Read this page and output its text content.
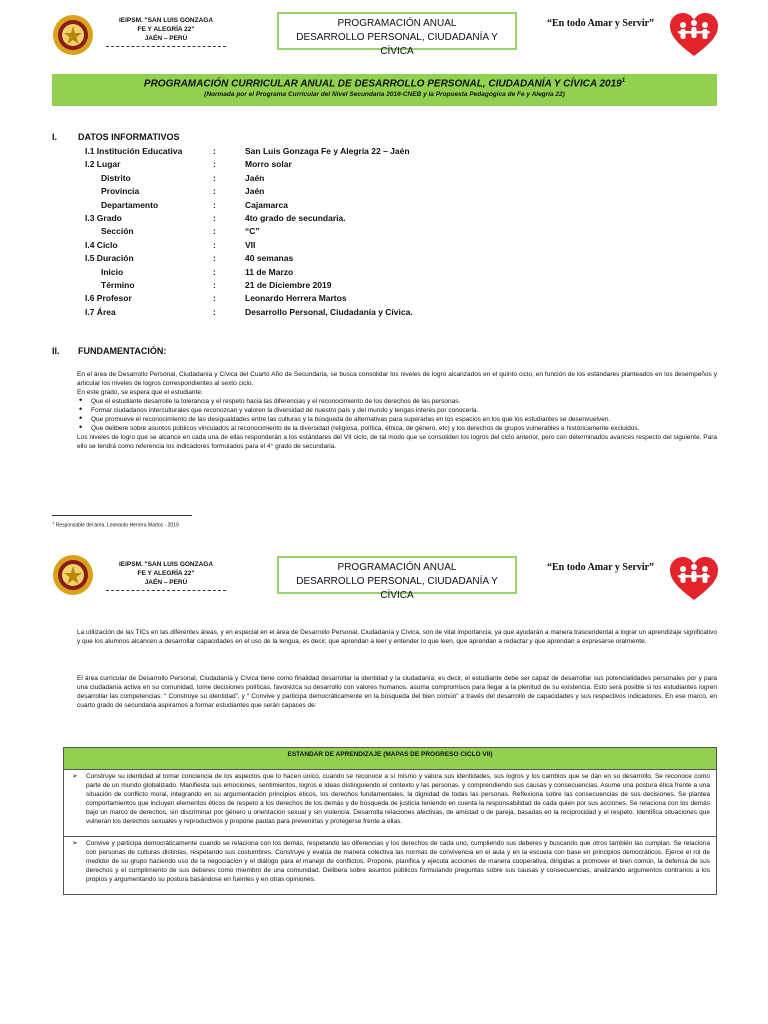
IEIPSM. "SAN LUIS GONZAGA
FE Y ALEGRÍA 22"
JAÉN – PERÚ
PROGRAMACIÓN ANUAL
DESARROLLO PERSONAL, CIUDADANÍA Y CÍVICA
“En todo Amar y Servir”
PROGRAMACIÓN CURRICULAR ANUAL DE DESARROLLO PERSONAL, CIUDADANÍA Y CÍVICA 2019$^1$
(Normada por el Programa Curricular del Nivel Secundaria 2016-CNEB y la Propuesta Pedagógica de Fe y Alegría 22)
I. DATOS INFORMATIVOS
I.1 Institución Educativa	:	San Luis Gonzaga Fe y Alegría 22 – Jaén
I.2 Lugar	:	Morro solar
Distrito	:	Jaén
Provincia	:	Jaén
Departamento	:	Cajamarca
I.3 Grado	:	4to grado de secundaria.
Sección	:	“C”
I.4 Ciclo	:	VII
I.5 Duración	:	40 semanas
Inicio	:	11 de Marzo
Término	:	21 de Diciembre 2019
I.6 Profesor	:	Leonardo Herrera Martos
I.7 Área	:	Desarrollo Personal, Ciudadanía y Cívica.
II. FUNDAMENTACIÓN:

En el área de Desarrollo Personal, Ciudadanía y Cívica del Cuarto Año de Secundaria, se busca consolidar los niveles de logro alcanzados en el quinto ciclo, en función de los estándares planteados en los desempeños y articular los niveles de logros correspondientes al sexto ciclo.

En este grado, se espera que el estudiante:

• Que el estudiante desarrolle la tolerancia y el respeto hacia las diferencias y el reconocimiento de los derechos de las personas.
• Formar ciudadanos interculturales que reconozcan y valoren la diversidad de nuestro país y del mundo y tengas interés por conocerla.
• Que promueve el reconocimiento de las desigualdades entre las culturas y la búsqueda de alternativas para superarlas en los espacios en los que los estudiantes se desenvuelven.
• Que delibere sobre asuntos públicos vinculados al reconocimiento de la diversidad (religiosa, política, étnica, de género, etc) y los derechos de grupos vulnerables e históricamente excluidos.

Los niveles de logro que se alcance en cada una de ellas responderán a los estándares del VII ciclo, de tal modo que se consoliden los logros del ciclo anterior, pero con determinados avances respecto del siguiente. Para ello se tendrá como referencia los indicadores formulados para el 4° grado de secundaria.

$^1$ Responsable del área. Leonardo Herrera Martos - 2019
IEIPSM. "SAN LUIS GONZAGA
FE Y ALEGRÍA 22"
JAÉN – PERÚ
PROGRAMACIÓN ANUAL
DESARROLLO PERSONAL, CIUDADANÍA Y CÍVICA
“En todo Amar y Servir”
La utilización de las TICs en las diferentes áreas, y en especial en el área de Desarrollo Personal, Ciudadanía y Cívica, son de vital importancia, ya que ayudarán a manera trascendental a lograr un aprendizaje significativo y que los alumnos alcancen a desarrollar capacidades en el uso de la lengua, es decir, que aprendan a leer y entender lo que leen, que aprendan a redactar y que aprendan a expresarse oralmente.
El área curricular de Desarrollo Personal, Ciudadanía y Cívica tiene como finalidad desarrollar la identidad y la ciudadanía; es decir, el estudiante debe ser capaz de desarrollar sus potencialidades personales por y para una ciudadanía activa en su comunidad, tome decisiones políticas, favorezca su desarrollo con valores humanos, asuma compromisos para llegar a la plenitud de su existencia. Esto será posible si los estudiantes logren desarrollar las competencias: “ Construye su identidad”, y “ Convive y participa democráticamente en la búsqueda del bien común” a través del desarrollo de capacidades y sus respectivos indicadores. En ese marco, en cuarto grado de secundaria aspiramos a formar estudiantes que serán capaces de:
ESTANDAR DE APRENDIZAJE (MAPAS DE PROGRESO CICLO VII)
➢ Construye su identidad al tomar conciencia de los aspectos que lo hacen único, cuando se reconoce a sí mismo y valora sus identidades, sus logros y los cambios que se dan en su desarrollo. Se reconoce como parte de un mundo globalizado. Manifiesta sus emociones, sentimientos, logros e ideas distinguiendo el contexto y las personas, y comprendiendo sus causas y consecuencias. Asume una postura ética frente a una situación de conflicto moral, integrando en su argumentación principios éticos, los derechos fundamentales, la dignidad de todas las personas. Reflexiona sobre las consecuencias de sus decisiones. Se plantea comportamientos que incluyen elementos éticos de respeto a los derechos de los demás y de búsqueda de justicia teniendo en cuenta la responsabilidad de cada quien por sus acciones. Se relaciona con los demás bajo un marco de derechos, sin discriminar por género u orientación sexual y sin violencia. Desarrolla relaciones afectivas, de amistad o de pareja, basadas en la reciprocidad y el respeto. Identifica situaciones que vulneran los derechos sexuales y reproductivos y propone pautas para prevenirlas y protegerse frente a ellas.
➢ Convive y participa democráticamente cuando se relaciona con los demás, respetando las diferencias y los derechos de cada uno, cumpliendo sus deberes y buscando que otros también las cumplan. Se relaciona con personas de culturas distintas, respetando sus costumbres. Construye y evalúa de manera colectiva las normas de convivencia en el aula y en la escuela con base en principios democráticos. Ejerce el rol de medidor de su grupo haciendo uso de la negociación y el diálogo para el manejo de conflictos. Propone, planifica y ejecuta acciones de manera cooperativa, dirigidas a promover el bien común, la defensa de sus derechos y el cumplimiento de sus deberes como miembro de una comunidad. Delibera sobre asuntos públicos formulando preguntas sobre sus causas y consecuencias, analizando argumentos contrarios a los propios y argumentando su postura basándose en fuentes y en otras opiniones.
